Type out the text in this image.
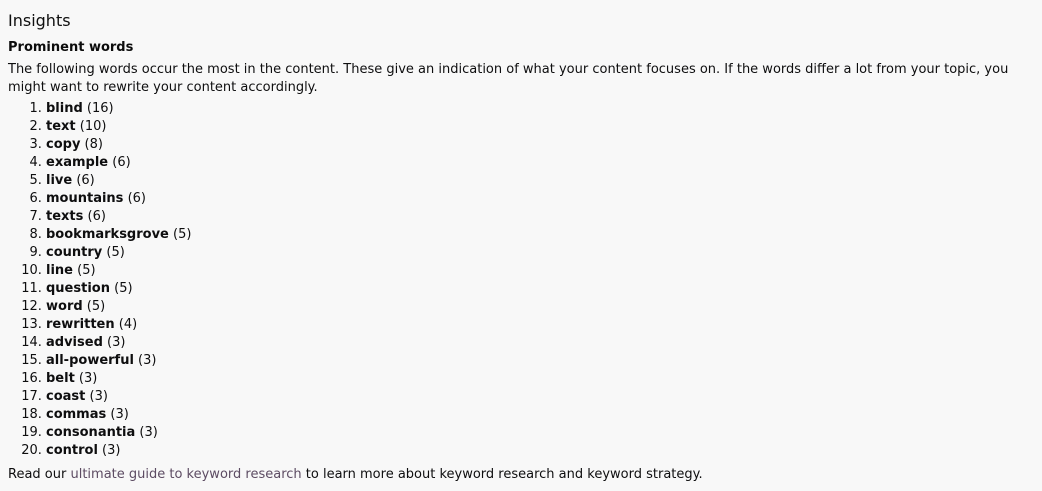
Insights

Prominent words

The following words occur the most in the content. These give an indication of what your content focuses on. If the words differ a lot from your topic, you might want to rewrite your content accordingly.

1. blind (16)
2. text (10)
3. copy (8)
4. example (6)
5. live (6)
6. mountains (6)
7. texts (6)
8. bookmarksgrove (5)
9. country (5)
10. line (5)
11. question (5)
12. word (5)
13. rewritten (4)
14. advised (3)
15. all-powerful (3)
16. belt (3)
17. coast (3)
18. commas (3)
19. consonantia (3)
20. control (3)

Read our ultimate guide to keyword research to learn more about keyword research and keyword strategy.
